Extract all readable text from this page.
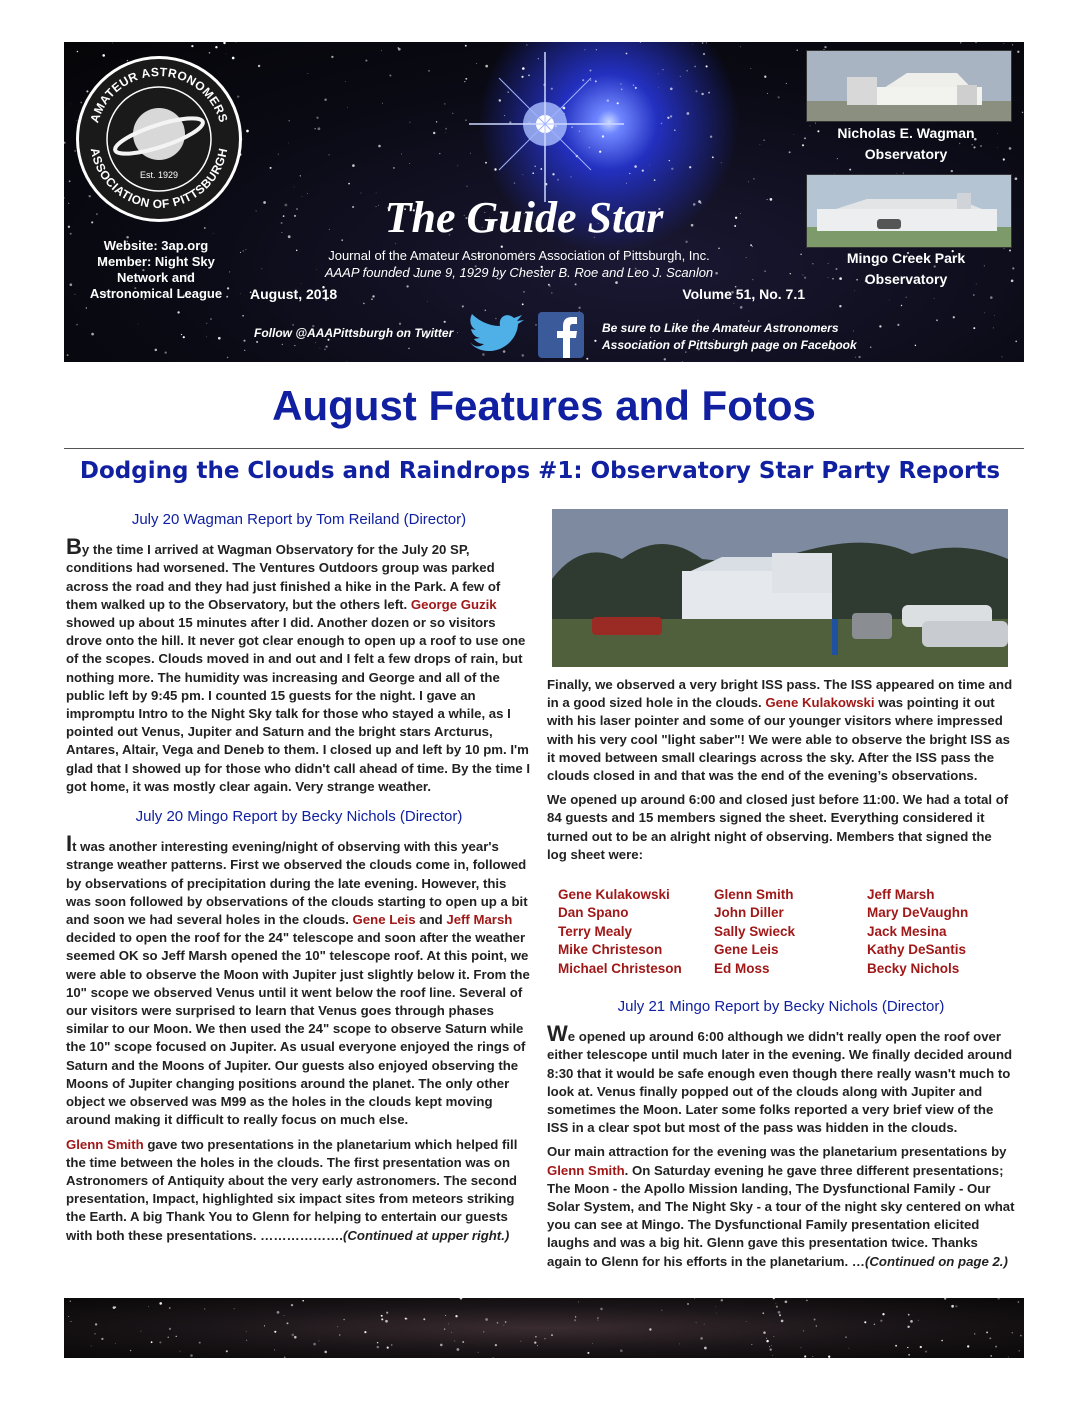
AMATEUR ASTRONOMERS
ASSOCIATION OF PITTSBURGH
Est. 1929
Website: 3ap.org
Member: Night Sky
Network and
Astronomical League
The Guide Star
Journal of the Amateur Astronomers Association of Pittsburgh, Inc.
AAAP founded June 9, 1929 by Chester B. Roe and Leo J. Scanlon
August, 2018	Volume 51, No. 7.1
Follow @AAAPittsburgh on Twitter	Be sure to Like the Amateur Astronomers
Association of Pittsburgh page on Facebook
Nicholas E. Wagman
Observatory
Mingo Creek Park
Observatory
August Features and Fotos
Dodging the Clouds and Raindrops #1: Observatory Star Party Reports
July 20 Wagman Report by Tom Reiland (Director)

By the time I arrived at Wagman Observatory for the July 20 SP, conditions had worsened. The Ventures Outdoors group was parked across the road and they had just finished a hike in the Park. A few of them walked up to the Observatory, but the others left. George Guzik showed up about 15 minutes after I did. Another dozen or so visitors drove onto the hill. It never got clear enough to open up a roof to use one of the scopes. Clouds moved in and out and I felt a few drops of rain, but nothing more. The humidity was increasing and George and all of the public left by 9:45 pm. I counted 15 guests for the night. I gave an impromptu Intro to the Night Sky talk for those who stayed a while, as I pointed out Venus, Jupiter and Saturn and the bright stars Arcturus, Antares, Altair, Vega and Deneb to them. I closed up and left by 10 pm. I'm glad that I showed up for those who didn't call ahead of time. By the time I got home, it was mostly clear again. Very strange weather.

July 20 Mingo Report by Becky Nichols (Director)

It was another interesting evening/night of observing with this year's strange weather patterns. First we observed the clouds come in, followed by observations of precipitation during the late evening. However, this was soon followed by observations of the clouds starting to open up a bit and soon we had several holes in the clouds. Gene Leis and Jeff Marsh decided to open the roof for the 24" telescope and soon after the weather seemed OK so Jeff Marsh opened the 10" telescope roof. At this point, we were able to observe the Moon with Jupiter just slightly below it. From the 10" scope we observed Venus until it went below the roof line. Several of our visitors were surprised to learn that Venus goes through phases similar to our Moon. We then used the 24" scope to observe Saturn while the 10" scope focused on Jupiter. As usual everyone enjoyed the rings of Saturn and the Moons of Jupiter. Our guests also enjoyed observing the Moons of Jupiter changing positions around the planet. The only other object we observed was M99 as the holes in the clouds kept moving around making it difficult to really focus on much else.

Glenn Smith gave two presentations in the planetarium which helped fill the time between the holes in the clouds. The first presentation was on Astronomers of Antiquity about the very early astronomers. The second presentation, Impact, highlighted six impact sites from meteors striking the Earth. A big Thank You to Glenn for helping to entertain our guests with both these presentations. ……………….(Continued at upper right.)

Finally, we observed a very bright ISS pass. The ISS appeared on time and in a good sized hole in the clouds. Gene Kulakowski was pointing it out with his laser pointer and some of our younger visitors where impressed with his very cool "light saber"! We were able to observe the bright ISS as it moved between small clearings across the sky. After the ISS pass the clouds closed in and that was the end of the evening’s observations.

We opened up around 6:00 and closed just before 11:00. We had a total of 84 guests and 15 members signed the sheet. Everything considered it turned out to be an alright night of observing. Members that signed the log sheet were:

Gene Kulakowski
Dan Spano
Terry Mealy
Mike Christeson
Michael Christeson
Glenn Smith
John Diller
Sally Swieck
Gene Leis
Ed Moss
Jeff Marsh
Mary DeVaughn
Jack Mesina
Kathy DeSantis
Becky Nichols
July 21 Mingo Report by Becky Nichols (Director)

We opened up around 6:00 although we didn't really open the roof over either telescope until much later in the evening. We finally decided around 8:30 that it would be safe enough even though there really wasn't much to look at. Venus finally popped out of the clouds along with Jupiter and sometimes the Moon. Later some folks reported a very brief view of the ISS in a clear spot but most of the pass was hidden in the clouds.

Our main attraction for the evening was the planetarium presentations by Glenn Smith. On Saturday evening he gave three different presentations; The Moon - the Apollo Mission landing, The Dysfunctional Family - Our Solar System, and The Night Sky - a tour of the night sky centered on what you can see at Mingo. The Dysfunctional Family presentation elicited laughs and was a big hit. Glenn gave this presentation twice. Thanks again to Glenn for his efforts in the planetarium. …(Continued on page 2.)
